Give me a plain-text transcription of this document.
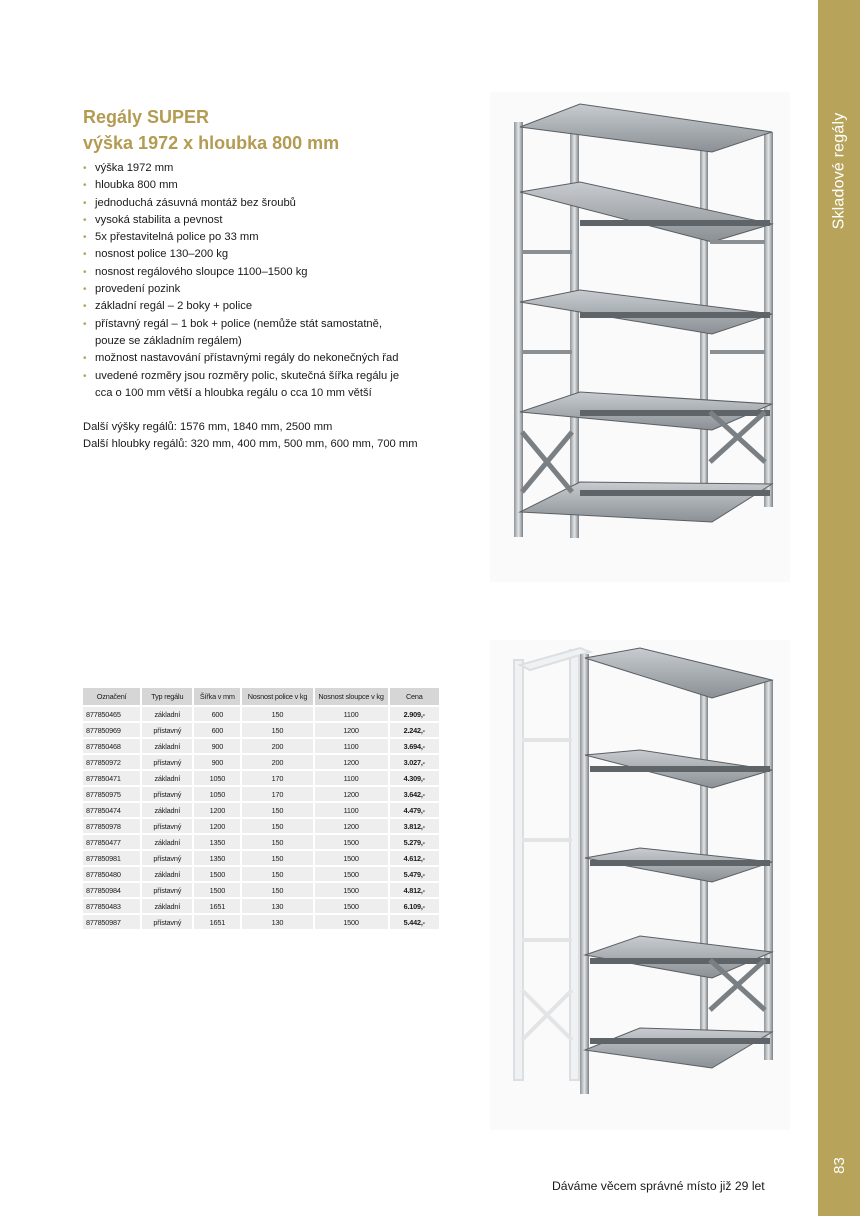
Skladové regály
83
Regály SUPER
výška 1972 x hloubka 800 mm
• výška 1972 mm
• hloubka 800 mm
• jednoduchá zásuvná montáž bez šroubů
• vysoká stabilita a pevnost
• 5x přestavitelná police po 33 mm
• nosnost police 130–200 kg
• nosnost regálového sloupce 1100–1500 kg
• provedení pozink
• základní regál – 2 boky + police
• přístavný regál – 1 bok + police (nemůže stát samostatně, pouze se základním regálem)
• možnost nastavování přístavnými regály do nekonečných řad
• uvedené rozměry jsou rozměry polic, skutečná šířka regálu je cca o 100 mm větší a hloubka regálu o cca 10 mm větší
Další výšky regálů: 1576 mm, 1840 mm, 2500 mm
Další hloubky regálů: 320 mm, 400 mm, 500 mm, 600 mm, 700 mm
Označení	Typ regálu	Šířka v mm	Nosnost police v kg	Nosnost sloupce v kg	Cena
877850465	základní	600	150	1100	2.909,-
877850969	přístavný	600	150	1200	2.242,-
877850468	základní	900	200	1100	3.694,-
877850972	přístavný	900	200	1200	3.027,-
877850471	základní	1050	170	1100	4.309,-
877850975	přístavný	1050	170	1200	3.642,-
877850474	základní	1200	150	1100	4.479,-
877850978	přístavný	1200	150	1200	3.812,-
877850477	základní	1350	150	1500	5.279,-
877850981	přístavný	1350	150	1500	4.612,-
877850480	základní	1500	150	1500	5.479,-
877850984	přístavný	1500	150	1500	4.812,-
877850483	základní	1651	130	1500	6.109,-
877850987	přístavný	1651	130	1500	5.442,-
Dáváme věcem správné místo již 29 let
